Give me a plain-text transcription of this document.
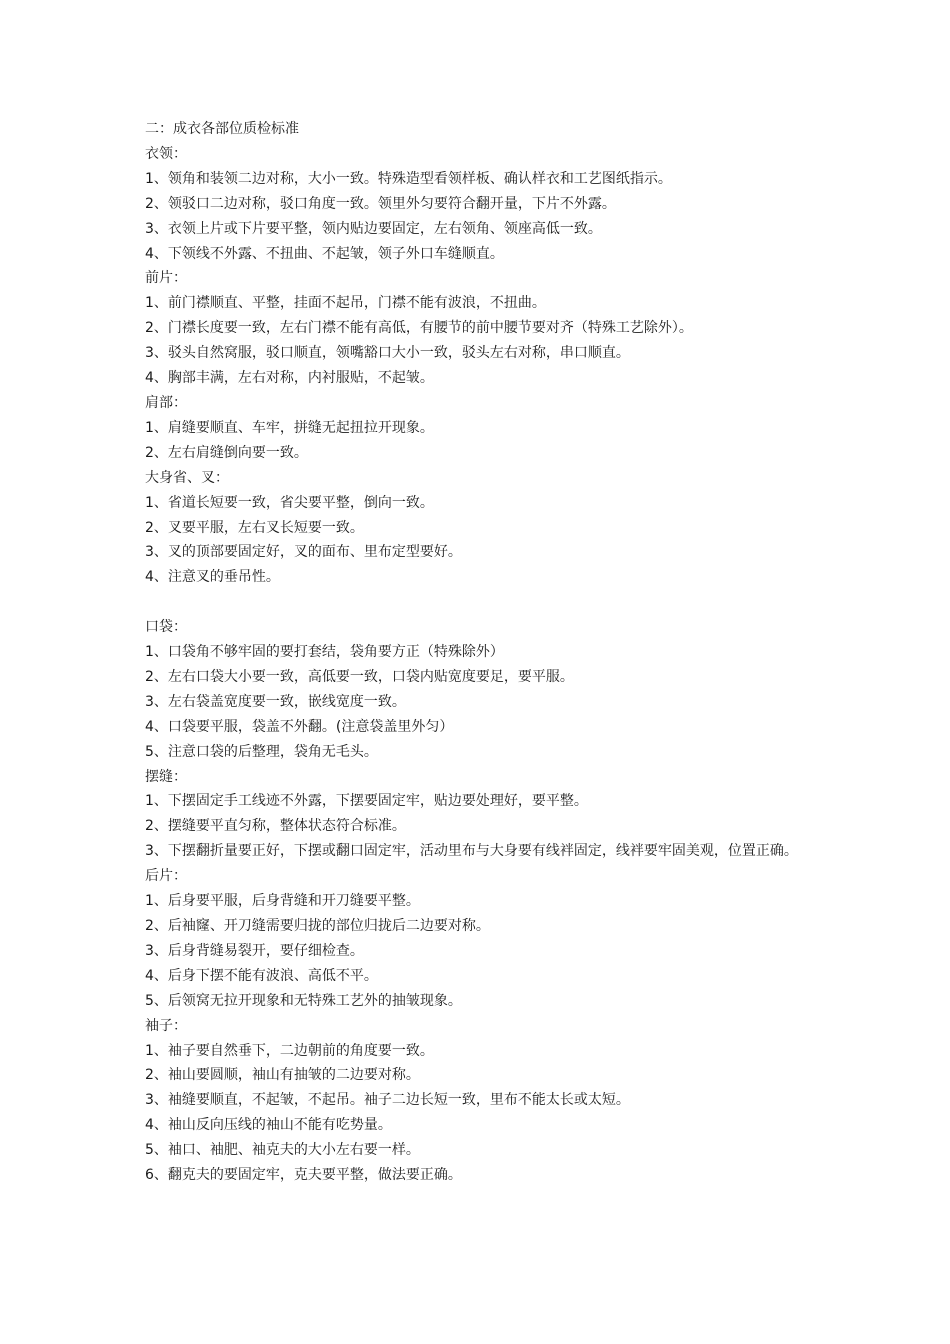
二：成衣各部位质检标准

衣领：

1、领角和装领二边对称，大小一致。特殊造型看领样板、确认样衣和工艺图纸指示。

2、领驳口二边对称，驳口角度一致。领里外匀要符合翻开量，下片不外露。

3、衣领上片或下片要平整，领内贴边要固定，左右领角、领座高低一致。

4、下领线不外露、不扭曲、不起皱，领子外口车缝顺直。

前片：

1、前门襟顺直、平整，挂面不起吊，门襟不能有波浪，不扭曲。

2、门襟长度要一致，左右门襟不能有高低，有腰节的前中腰节要对齐（特殊工艺除外）。

3、驳头自然窝服，驳口顺直，领嘴豁口大小一致，驳头左右对称，串口顺直。

4、胸部丰满，左右对称，内衬服贴，不起皱。

肩部：

1、肩缝要顺直、车牢，拼缝无起扭拉开现象。

2、左右肩缝倒向要一致。

大身省、叉：

1、省道长短要一致，省尖要平整，倒向一致。

2、叉要平服，左右叉长短要一致。

3、叉的顶部要固定好，叉的面布、里布定型要好。

4、注意叉的垂吊性。

口袋：

1、口袋角不够牢固的要打套结，袋角要方正（特殊除外）

2、左右口袋大小要一致，高低要一致，口袋内贴宽度要足，要平服。

3、左右袋盖宽度要一致，嵌线宽度一致。

4、口袋要平服，袋盖不外翻。(注意袋盖里外匀）

5、注意口袋的后整理，袋角无毛头。

摆缝：

1、下摆固定手工线迹不外露，下摆要固定牢，贴边要处理好，要平整。

2、摆缝要平直匀称，整体状态符合标准。

3、下摆翻折量要正好，下摆或翻口固定牢，活动里布与大身要有线袢固定，线袢要牢固美观，位置正确。

后片：

1、后身要平服，后身背缝和开刀缝要平整。

2、后袖窿、开刀缝需要归拢的部位归拢后二边要对称。

3、后身背缝易裂开，要仔细检查。

4、后身下摆不能有波浪、高低不平。

5、后领窝无拉开现象和无特殊工艺外的抽皱现象。

袖子：

1、袖子要自然垂下，二边朝前的角度要一致。

2、袖山要圆顺，袖山有抽皱的二边要对称。

3、袖缝要顺直，不起皱，不起吊。袖子二边长短一致，里布不能太长或太短。

4、袖山反向压线的袖山不能有吃势量。

5、袖口、袖肥、袖克夫的大小左右要一样。

6、翻克夫的要固定牢，克夫要平整，做法要正确。
